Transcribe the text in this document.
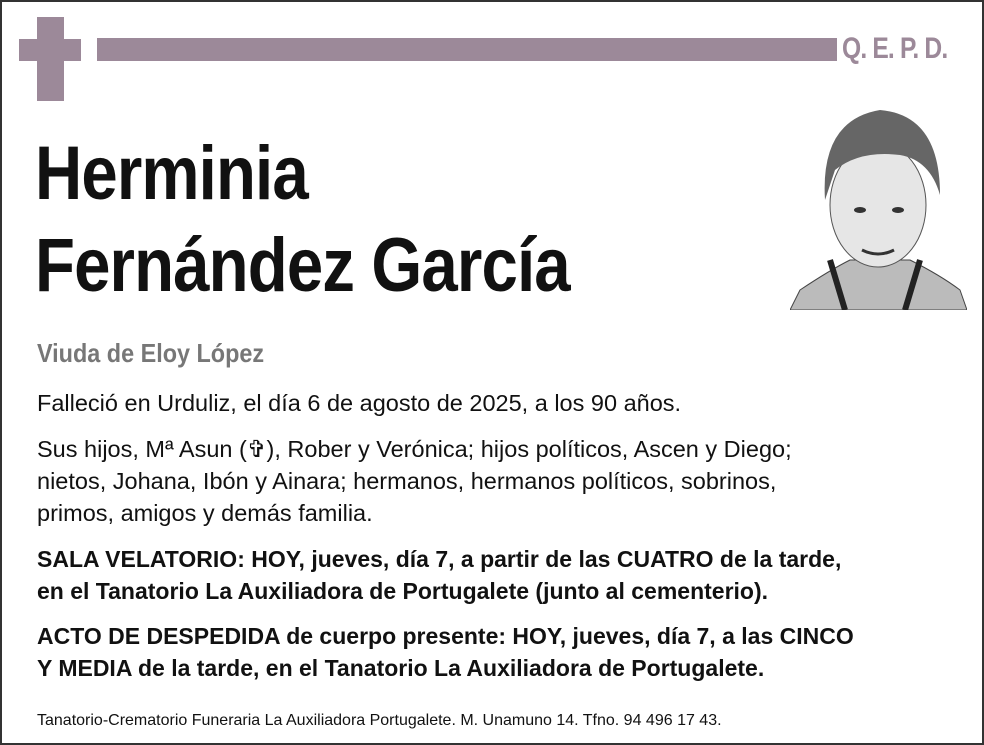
Q. E. P. D.
Herminia
Fernández García
Viuda de Eloy López
Falleció en Urduliz, el día 6 de agosto de 2025, a los 90 años.
Sus hijos, Mª Asun (✞), Rober y Verónica; hijos políticos, Ascen y Diego;
nietos, Johana, Ibón y Ainara; hermanos, hermanos políticos, sobrinos,
primos, amigos y demás familia.
SALA VELATORIO: HOY, jueves, día 7, a partir de las CUATRO de la tarde,
en el Tanatorio La Auxiliadora de Portugalete (junto al cementerio).
ACTO DE DESPEDIDA de cuerpo presente: HOY, jueves, día 7, a las CINCO
Y MEDIA de la tarde, en el Tanatorio La Auxiliadora de Portugalete.
Tanatorio-Crematorio Funeraria La Auxiliadora Portugalete. M. Unamuno 14. Tfno. 94 496 17 43.
